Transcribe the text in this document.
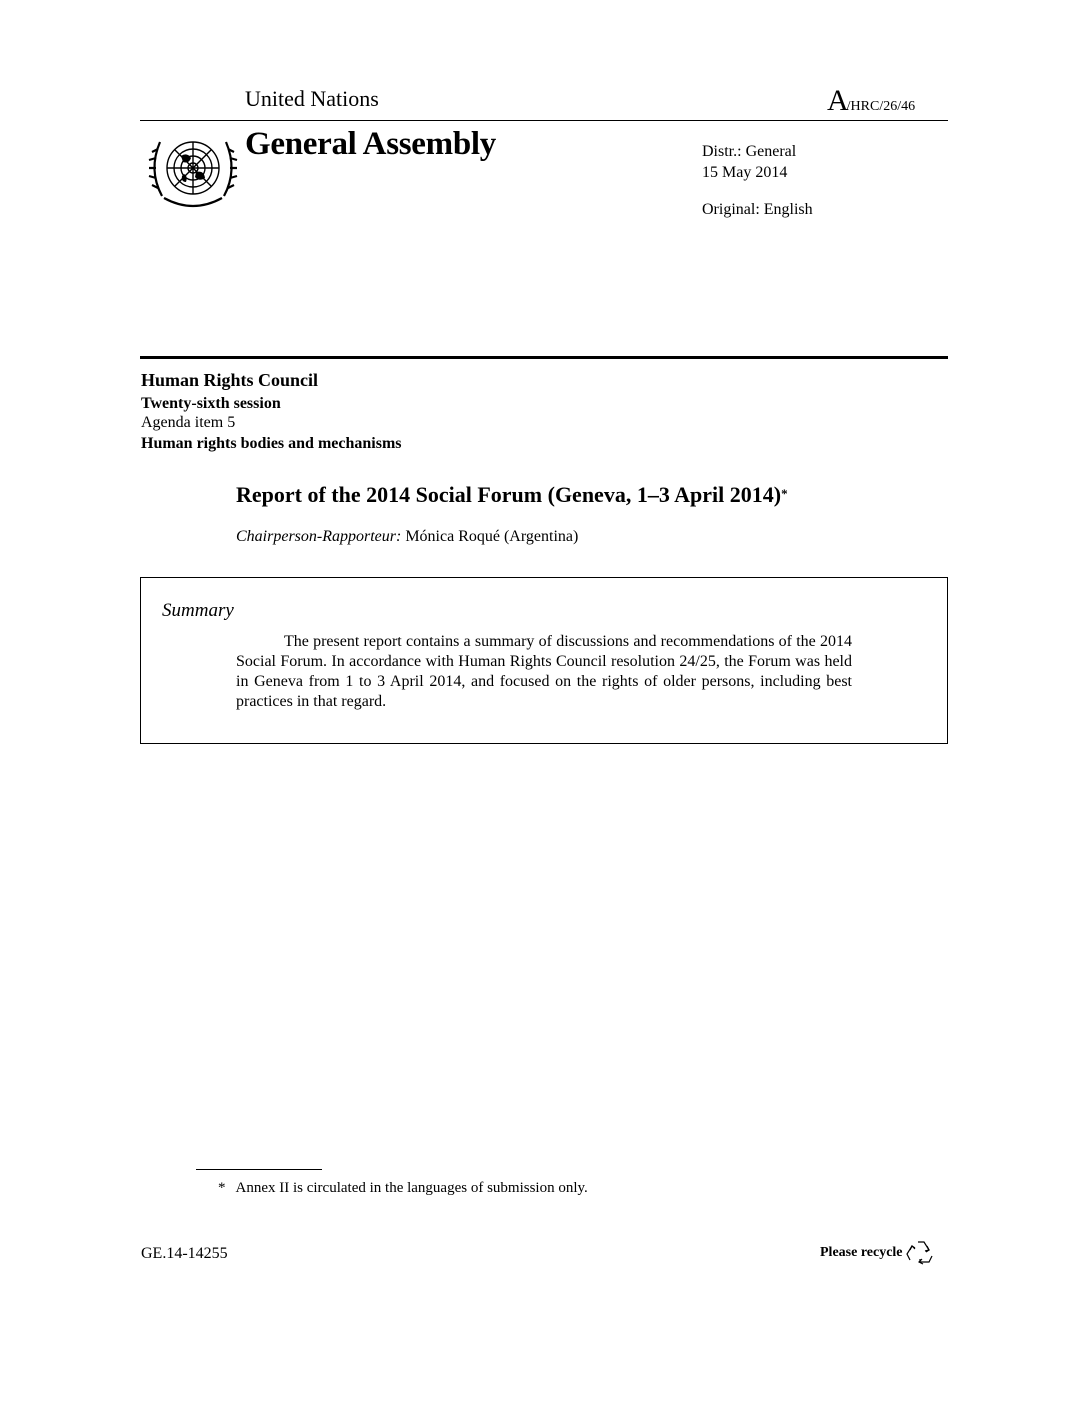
United Nations	A/HRC/26/46
General Assembly	Distr.: General
15 May 2014
Original: English
Human Rights Council
Twenty-sixth session
Agenda item 5
Human rights bodies and mechanisms
Report of the 2014 Social Forum (Geneva, 1–3 April 2014)*
Chairperson-Rapporteur: Mónica Roqué (Argentina)
Summary
The present report contains a summary of discussions and recommendations of the 2014 Social Forum. In accordance with Human Rights Council resolution 24/25, the Forum was held in Geneva from 1 to 3 April 2014, and focused on the rights of older persons, including best practices in that regard.
* Annex II is circulated in the languages of submission only.
GE.14-14255	Please recycle
